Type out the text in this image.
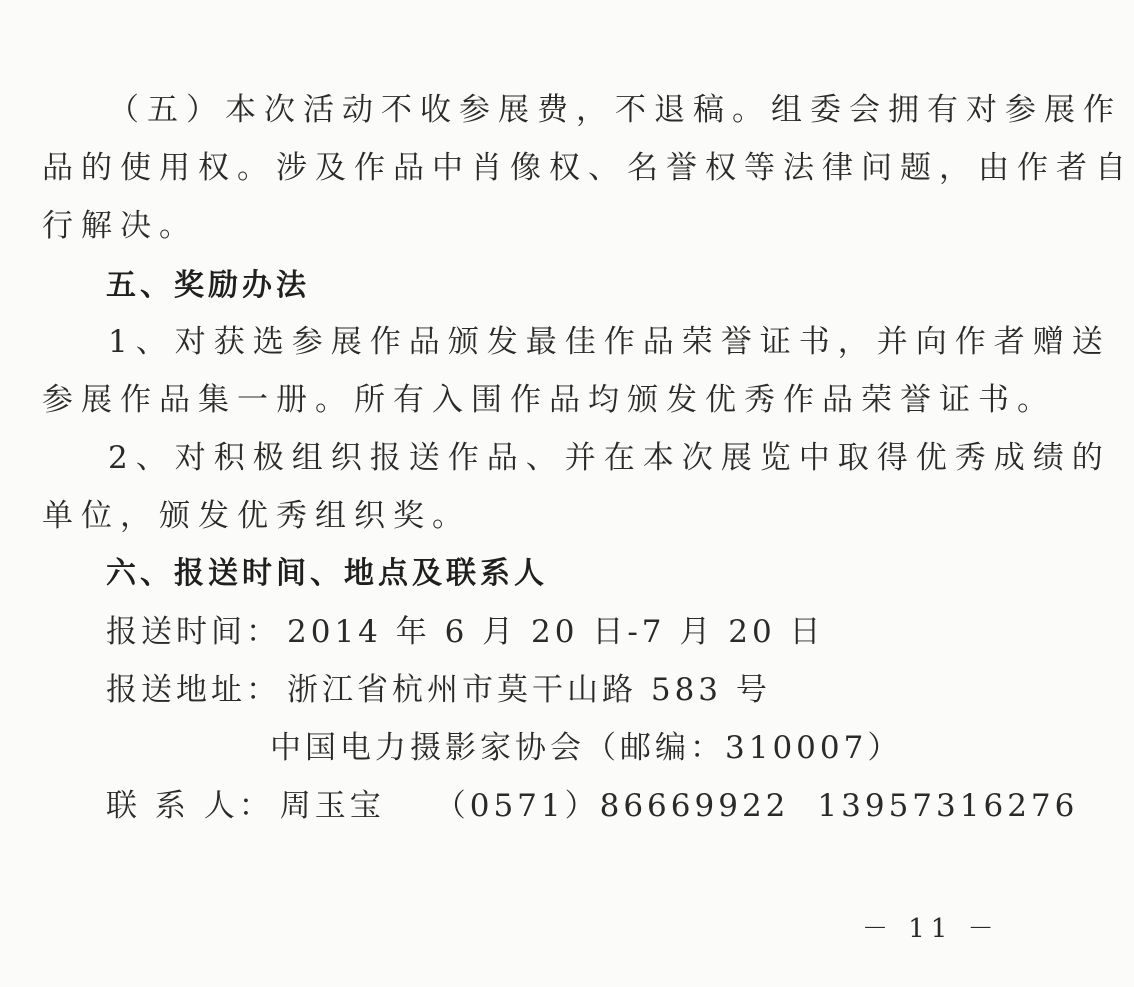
（五）本次活动不收参展费，不退稿。组委会拥有对参展作
品的使用权。涉及作品中肖像权、名誉权等法律问题，由作者自
行解决。
五、奖励办法
1、对获选参展作品颁发最佳作品荣誉证书，并向作者赠送
参展作品集一册。所有入围作品均颁发优秀作品荣誉证书。
2、对积极组织报送作品、并在本次展览中取得优秀成绩的
单位，颁发优秀组织奖。
六、报送时间、地点及联系人
报送时间： 2014 年 6 月 20 日-7 月 20 日
报送地址： 浙江省杭州市莫干山路 583 号
中国电力摄影家协会（邮编：310007）
联 系 人： 周玉宝 （0571）86669922 13957316276
－ 11 －
